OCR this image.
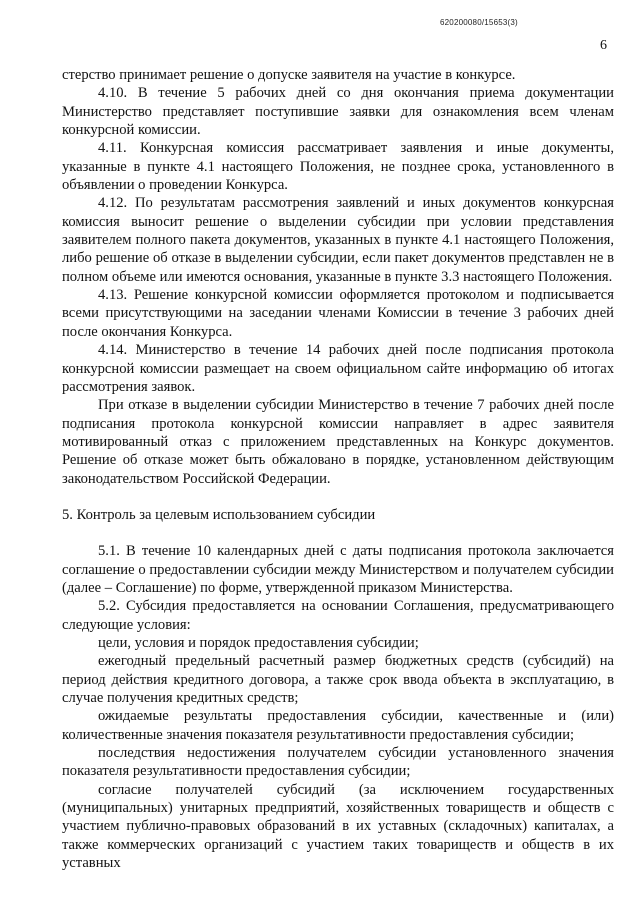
620200080/15653(3)
6

стерство принимает решение о допуске заявителя на участие в конкурсе.

4.10. В течение 5 рабочих дней со дня окончания приема документации Министерство представляет поступившие заявки для ознакомления всем членам конкурсной комиссии.

4.11. Конкурсная комиссия рассматривает заявления и иные документы, указанные в пункте 4.1 настоящего Положения, не позднее срока, установленного в объявлении о проведении Конкурса.

4.12. По результатам рассмотрения заявлений и иных документов конкурсная комиссия выносит решение о выделении субсидии при условии представления заявителем полного пакета документов, указанных в пункте 4.1 настоящего Положения, либо решение об отказе в выделении субсидии, если пакет документов представлен не в полном объеме или имеются основания, указанные в пункте 3.3 настоящего Положения.

4.13. Решение конкурсной комиссии оформляется протоколом и подписывается всеми присутствующими на заседании членами Комиссии в течение 3 рабочих дней после окончания Конкурса.

4.14. Министерство в течение 14 рабочих дней после подписания протокола конкурсной комиссии размещает на своем официальном сайте информацию об итогах рассмотрения заявок.

При отказе в выделении субсидии Министерство в течение 7 рабочих дней после подписания протокола конкурсной комиссии направляет в адрес заявителя мотивированный отказ с приложением представленных на Конкурс документов. Решение об отказе может быть обжаловано в порядке, установленном действующим законодательством Российской Федерации.

5. Контроль за целевым использованием субсидии

5.1. В течение 10 календарных дней с даты подписания протокола заключается соглашение о предоставлении субсидии между Министерством и получателем субсидии (далее – Соглашение) по форме, утвержденной приказом Министерства.

5.2. Субсидия предоставляется на основании Соглашения, предусматривающего следующие условия:

цели, условия и порядок предоставления субсидии;

ежегодный предельный расчетный размер бюджетных средств (субсидий) на период действия кредитного договора, а также срок ввода объекта в эксплуатацию, в случае получения кредитных средств;

ожидаемые результаты предоставления субсидии, качественные и (или) количественные значения показателя результативности предоставления субсидии;

последствия недостижения получателем субсидии установленного значения показателя результативности предоставления субсидии;

согласие получателей субсидий (за исключением государственных (муниципальных) унитарных предприятий, хозяйственных товариществ и обществ с участием публично-правовых образований в их уставных (складочных) капиталах, а также коммерческих организаций с участием таких товариществ и обществ в их уставных
